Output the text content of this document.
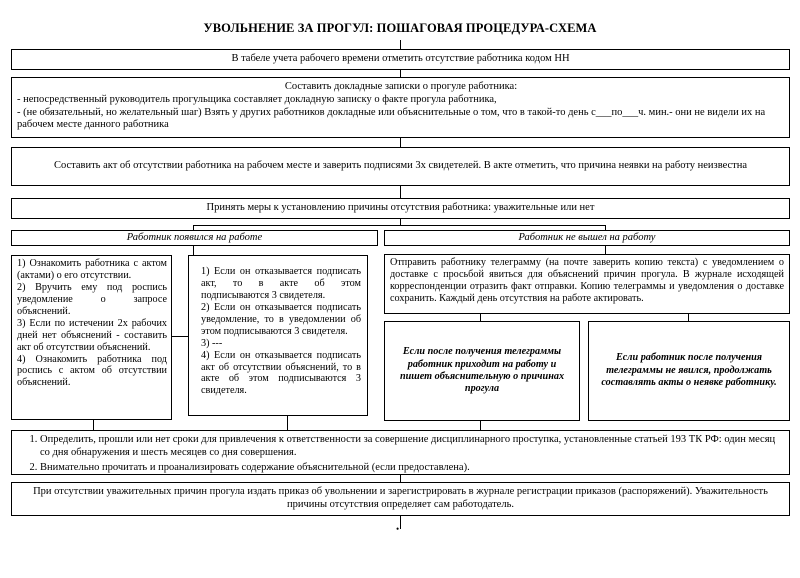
УВОЛЬНЕНИЕ ЗА ПРОГУЛ: ПОШАГОВАЯ ПРОЦЕДУРА-СХЕМА
В табеле учета рабочего времени отметить отсутствие работника кодом НН
Составить докладные записки о прогуле работника:
- непосредственный руководитель прогульщика составляет докладную записку о факте прогула работника,
- (не обязательный, но желательный шаг) Взять у других работников докладные или объяснительные о том, что в такой-то день с___по___ч. мин.- они не видели их на рабочем месте данного работника
Составить акт об отсутствии работника на рабочем месте и заверить подписями 3х свидетелей. В акте отметить, что причина неявки на работу неизвестна
Принять меры к установлению причины отсутствия работника: уважительные или нет
Работник появился на работе	Работник не вышел на работу
1) Ознакомить работника с актом (актами) о его отсутствии.
2) Вручить ему под роспись уведомление о запросе объяснений.
3) Если по истечении 2х рабочих дней нет объяснений - составить акт об отсутствии объяснений.
4) Ознакомить работника под роспись с актом об отсутствии объяснений.
1) Если он отказывается подписать акт, то в акте об этом подписываются 3 свидетеля.
2) Если он отказывается подписать уведомление, то в уведомлении об этом подписываются 3 свидетеля.
3) ---
4) Если он отказывается подписать акт об отсутствии объяснений, то в акте об этом подписываются 3 свидетеля.
Отправить работнику телеграмму (на почте заверить копию текста) с уведомлением о доставке с просьбой явиться для объяснений причин прогула. В журнале исходящей корреспонденции отразить факт отправки. Копию телеграммы и уведомления о доставке сохранить. Каждый день отсутствия на работе актировать.
Если после получения телеграммы работник приходит на работу и пишет объяснительную о причинах прогула
Если работник после получения телеграммы не явился, продолжать составлять акты о неявке работнику.
1. Определить, прошли или нет сроки для привлечения к ответственности за совершение дисциплинарного проступка, установленные статьей 193 ТК РФ: один месяц со дня обнаружения и шесть месяцев со дня совершения.
2. Внимательно прочитать и проанализировать содержание объяснительной (если предоставлена).
При отсутствии уважительных причин прогула издать приказ об увольнении и зарегистрировать в журнале регистрации приказов (распоряжений). Уважительность причины отсутствия определяет сам работодатель.
•
